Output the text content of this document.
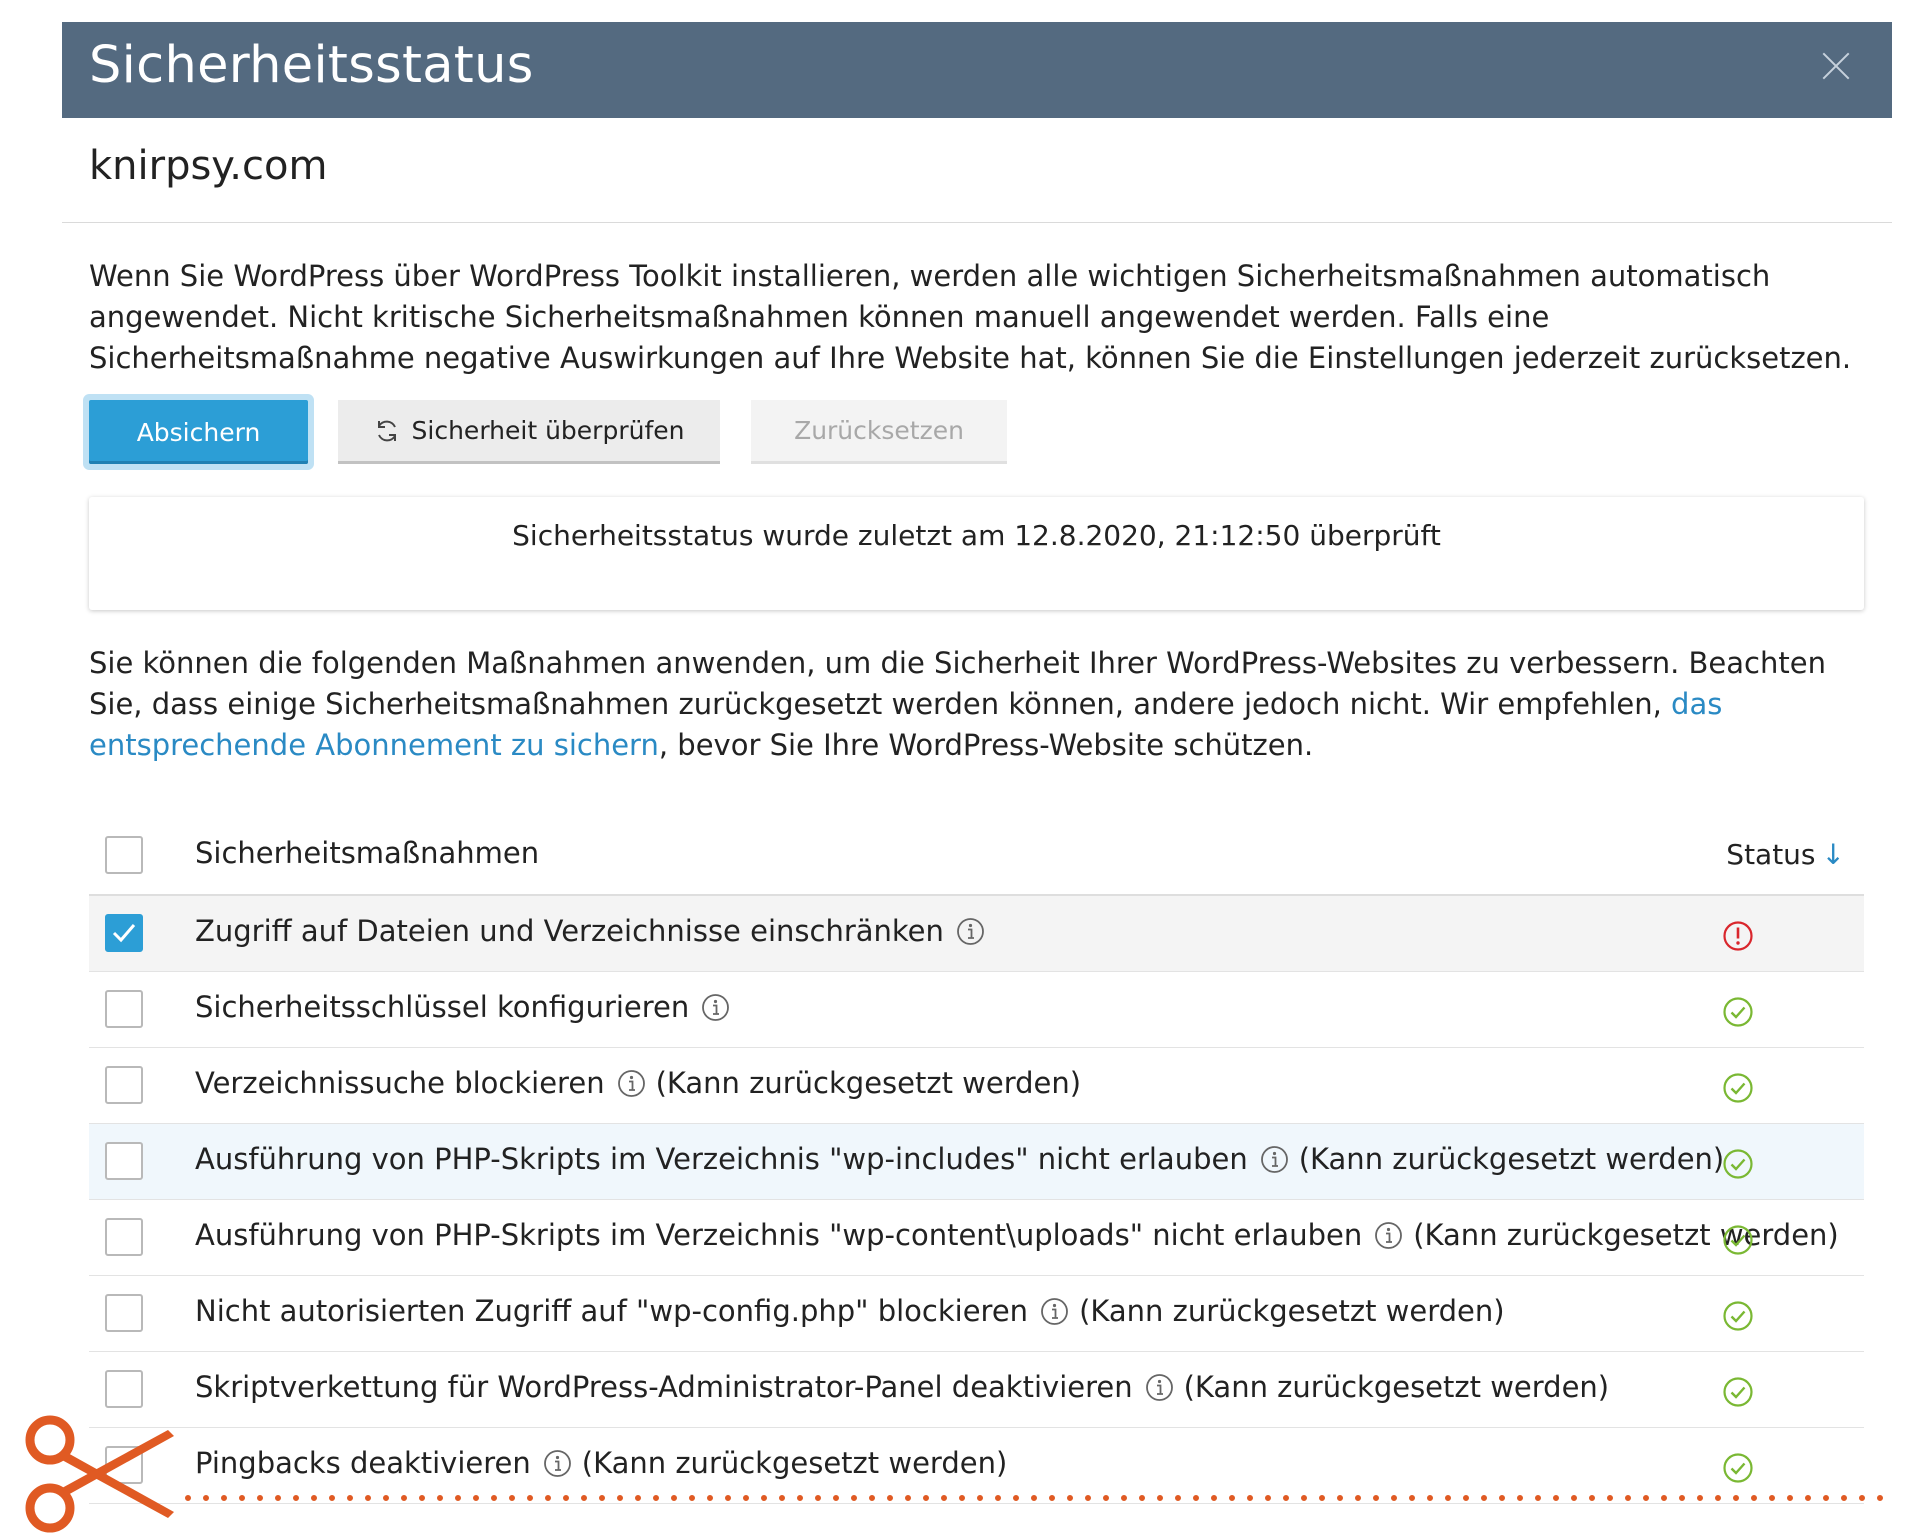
Sicherheitsstatus
knirpsy.com
Wenn Sie WordPress über WordPress Toolkit installieren, werden alle wichtigen Sicherheitsmaßnahmen automatisch angewendet. Nicht kritische Sicherheitsmaßnahmen können manuell angewendet werden. Falls eine Sicherheitsmaßnahme negative Auswirkungen auf Ihre Website hat, können Sie die Einstellungen jederzeit zurücksetzen.
Absichern	Sicherheit überprüfen	Zurücksetzen
Sicherheitsstatus wurde zuletzt am 12.8.2020, 21:12:50 überprüft
Sie können die folgenden Maßnahmen anwenden, um die Sicherheit Ihrer WordPress-Websites zu verbessern. Beachten Sie, dass einige Sicherheitsmaßnahmen zurückgesetzt werden können, andere jedoch nicht. Wir empfehlen, das entsprechende Abonnement zu sichern, bevor Sie Ihre WordPress-Website schützen.
Sicherheitsmaßnahmen	Status ↓
Zugriff auf Dateien und Verzeichnisse einschränken
Sicherheitsschlüssel konfigurieren
Verzeichnissuche blockieren (Kann zurückgesetzt werden)
Ausführung von PHP-Skripts im Verzeichnis "wp-includes" nicht erlauben (Kann zurückgesetzt werden)
Ausführung von PHP-Skripts im Verzeichnis "wp-content\uploads" nicht erlauben (Kann zurückgesetzt werden)
Nicht autorisierten Zugriff auf "wp-config.php" blockieren (Kann zurückgesetzt werden)
Skriptverkettung für WordPress-Administrator-Panel deaktivieren (Kann zurückgesetzt werden)
Pingbacks deaktivieren (Kann zurückgesetzt werden)
